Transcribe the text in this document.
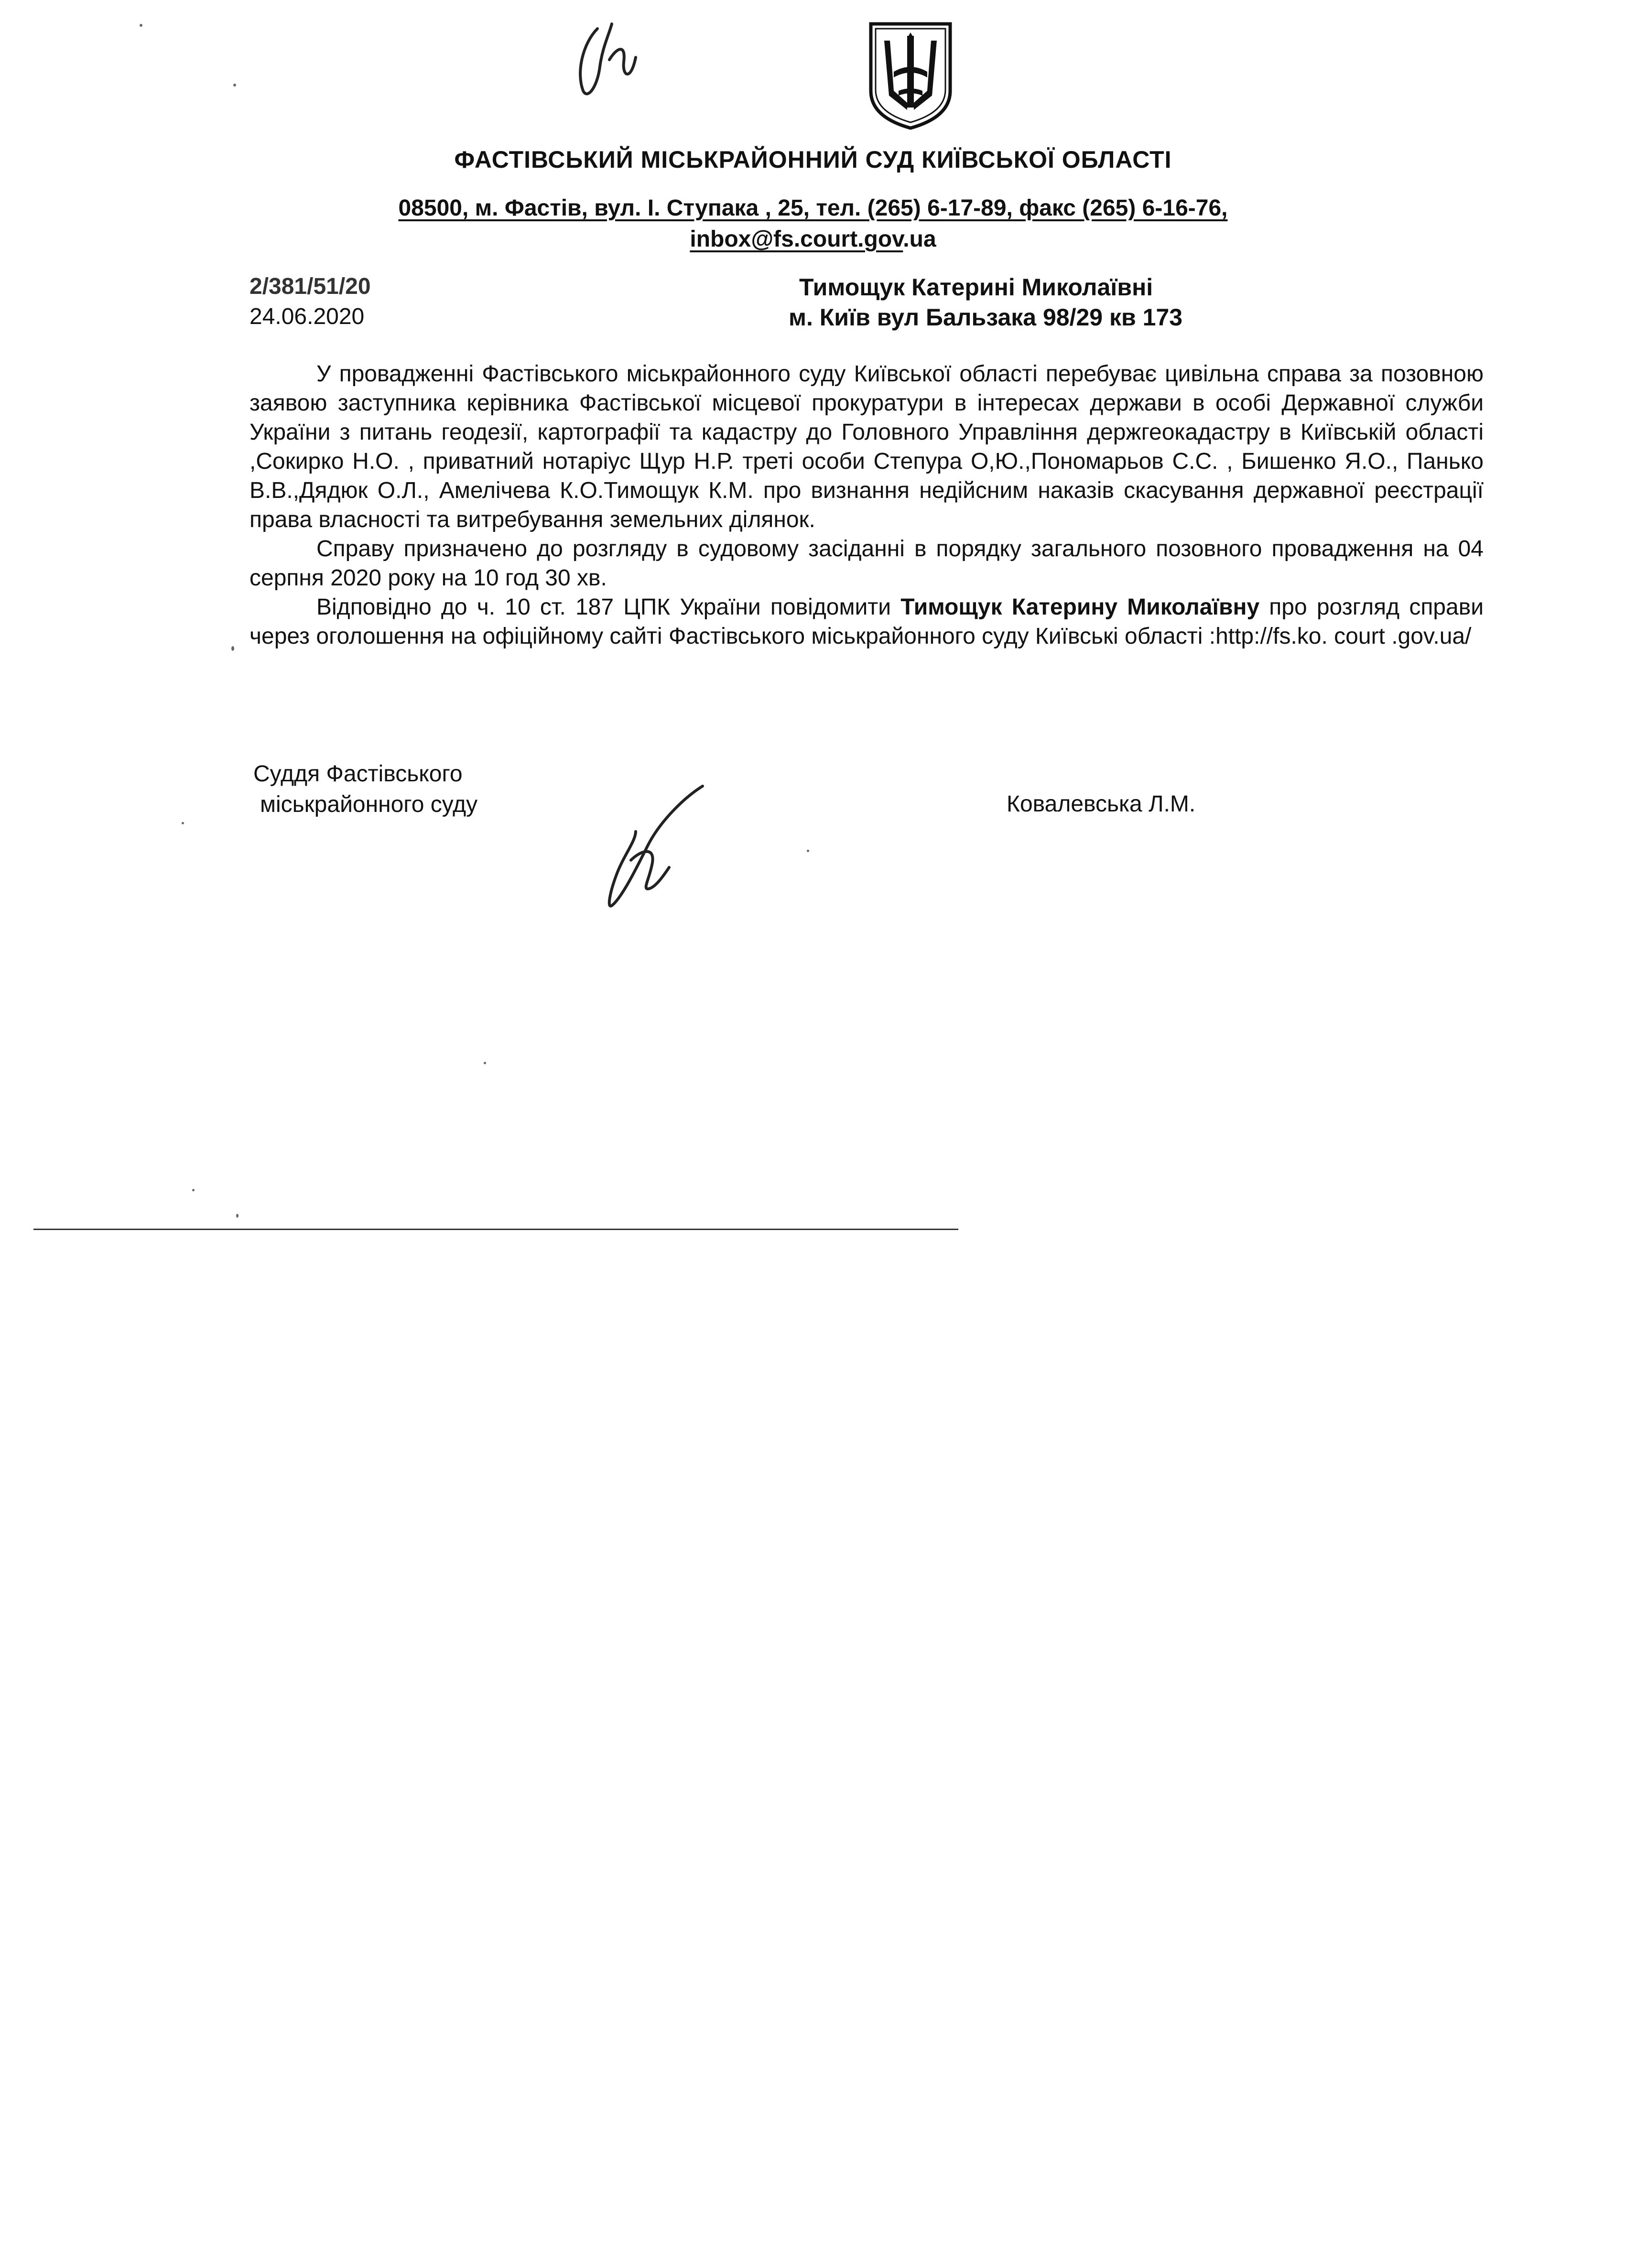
ФАСТІВСЬКИЙ МІСЬКРАЙОННИЙ СУД КИЇВСЬКОЇ ОБЛАСТІ
08500, м. Фастів, вул. І. Ступака , 25, тел. (265) 6-17-89, факс (265) 6-16-76,
inbox@fs.court.gov.ua
2/381/51/20
24.06.2020
Тимощук Катерині Миколаївні
м. Київ вул Бальзака 98/29 кв 173

У провадженні Фастівського міськрайонного суду Київської області перебуває цивільна справа за позовною заявою заступника керівника Фастівської місцевої прокуратури в інтересах держави в особі Державної служби України з питань геодезії, картографії та кадастру до Головного Управління держгеокадастру в Київській області ,Сокирко Н.О. , приватний нотаріус Щур Н.Р. треті особи Степура О,Ю.,Пономарьов С.С. , Бишенко Я.О., Панько В.В.,Дядюк О.Л., Амелічева К.О.Тимощук К.М. про визнання недійсним наказів скасування державної реєстрації права власності та витребування земельних ділянок.

Справу призначено до розгляду в судовому засіданні в порядку загального позовного провадження на 04 серпня 2020 року на 10 год 30 хв.

Відповідно до ч. 10 ст. 187 ЦПК України повідомити Тимощук Катерину Миколаївну про розгляд справи через оголошення на офіційному сайті Фастівського міськрайонного суду Київські області :http://fs.ko. court .gov.ua/

Суддя Фастівського
міськрайонного суду	Ковалевська Л.М.
